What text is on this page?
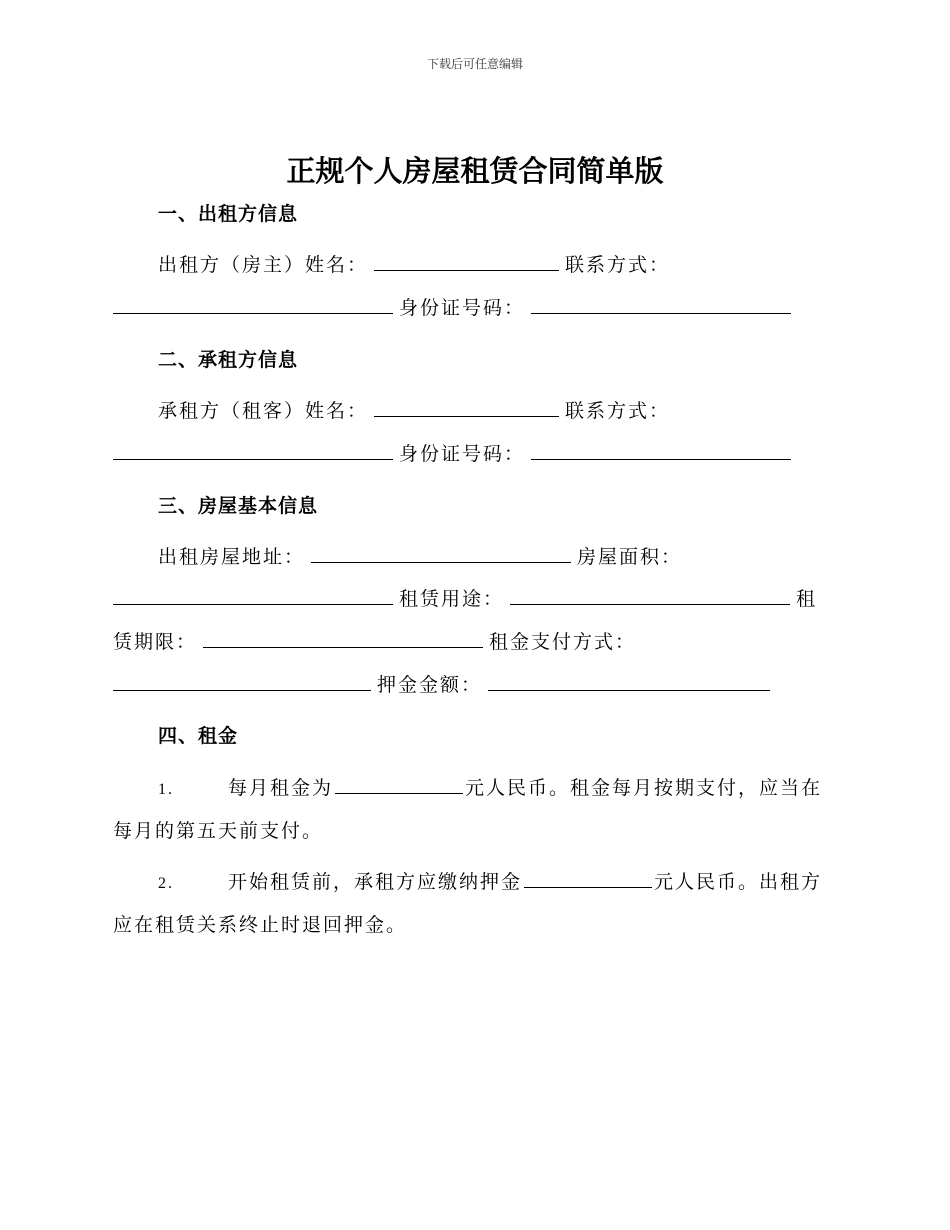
下载后可任意编辑
正规个人房屋租赁合同简单版
一、出租方信息
出租方（房主）姓名：	联系方式：
身份证号码：
二、承租方信息
承租方（租客）姓名：	联系方式：
身份证号码：
三、房屋基本信息
出租房屋地址：	房屋面积：
租赁用途：	租
赁期限：	租金支付方式：
押金金额：
四、租金
1.	每月租金为	元人民币。租金每月按期支付，应当在
每月的第五天前支付。
2.	开始租赁前，承租方应缴纳押金	元人民币。出租方
应在租赁关系终止时退回押金。
